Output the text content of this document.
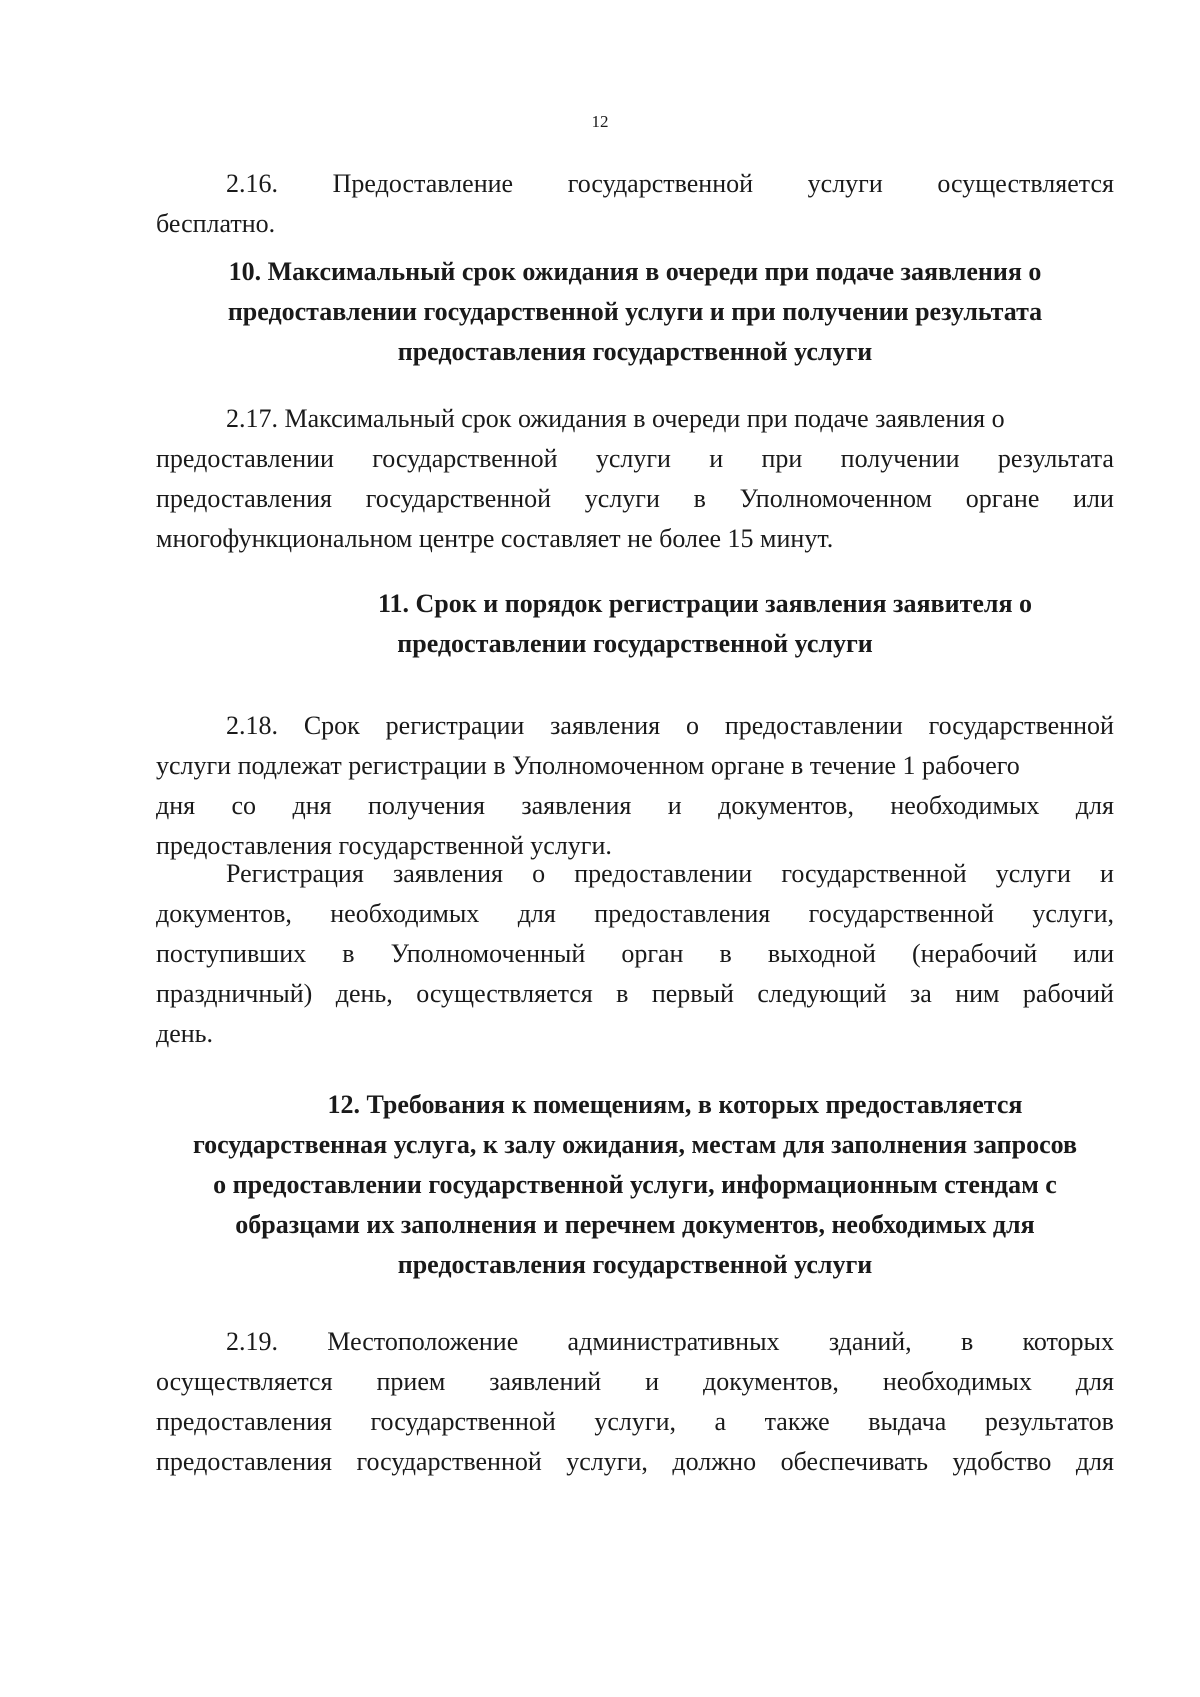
12
2.16. Предоставление государственной услуги осуществляется
бесплатно.
10. Максимальный срок ожидания в очереди при подаче заявления о
предоставлении государственной услуги и при получении результата
предоставления государственной услуги
2.17. Максимальный срок ожидания в очереди при подаче заявления о
предоставлении государственной услуги и при получении результата
предоставления государственной услуги в Уполномоченном органе или
многофункциональном центре составляет не более 15 минут.
11. Срок и порядок регистрации заявления заявителя о
предоставлении государственной услуги
2.18. Срок регистрации заявления о предоставлении государственной
услуги подлежат регистрации в Уполномоченном органе в течение 1 рабочего
дня со дня получения заявления и документов, необходимых для
предоставления государственной услуги.
Регистрация заявления о предоставлении государственной услуги и
документов, необходимых для предоставления государственной услуги,
поступивших в Уполномоченный орган в выходной (нерабочий или
праздничный) день, осуществляется в первый следующий за ним рабочий
день.
12. Требования к помещениям, в которых предоставляется
государственная услуга, к залу ожидания, местам для заполнения запросов
о предоставлении государственной услуги, информационным стендам с
образцами их заполнения и перечнем документов, необходимых для
предоставления государственной услуги
2.19. Местоположение административных зданий, в которых
осуществляется прием заявлений и документов, необходимых для
предоставления государственной услуги, а также выдача результатов
предоставления государственной услуги, должно обеспечивать удобство для
